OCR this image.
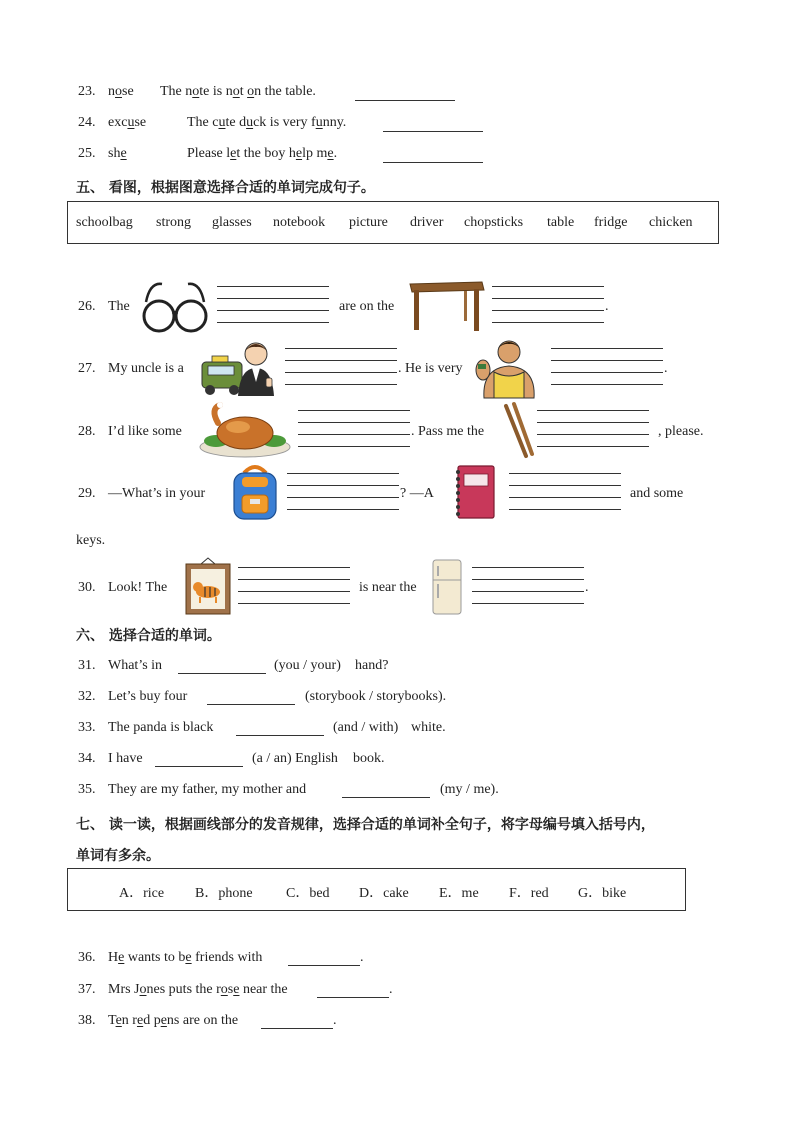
23. nose The note is not on the table.
24. excuse	The cute duck is very funny.
25. she	Please let the boy help me.
五、 看图，根据图意选择合适的单词完成句子。
schoolbag strong glasses notebook picture driver chopsticks table fridge chicken
26. The	are on the	.
27. My uncle is a	. He is very	.
28. I’d like some	. Pass me the	, please.
29. —What’s in your	? —A	and some
keys.
30. Look! The	is near the	.
六、 选择合适的单词。
31. What’s in	(you / your) hand?
32. Let’s buy four	(storybook / storybooks).
33. The panda is black	(and / with) white.
34. I have	(a / an) English book.
35. They are my father, my mother and	(my / me).
七、 读一读，根据画线部分的发音规律，选择合适的单词补全句子，将字母编号填入括号内，
单词有多余。
A．rice B．phone C．bed D．cake E．me F．red G．bike
36. He wants to be friends with	.
37. Mrs Jones puts the rose near the	.
38. Ten red pens are on the	.
